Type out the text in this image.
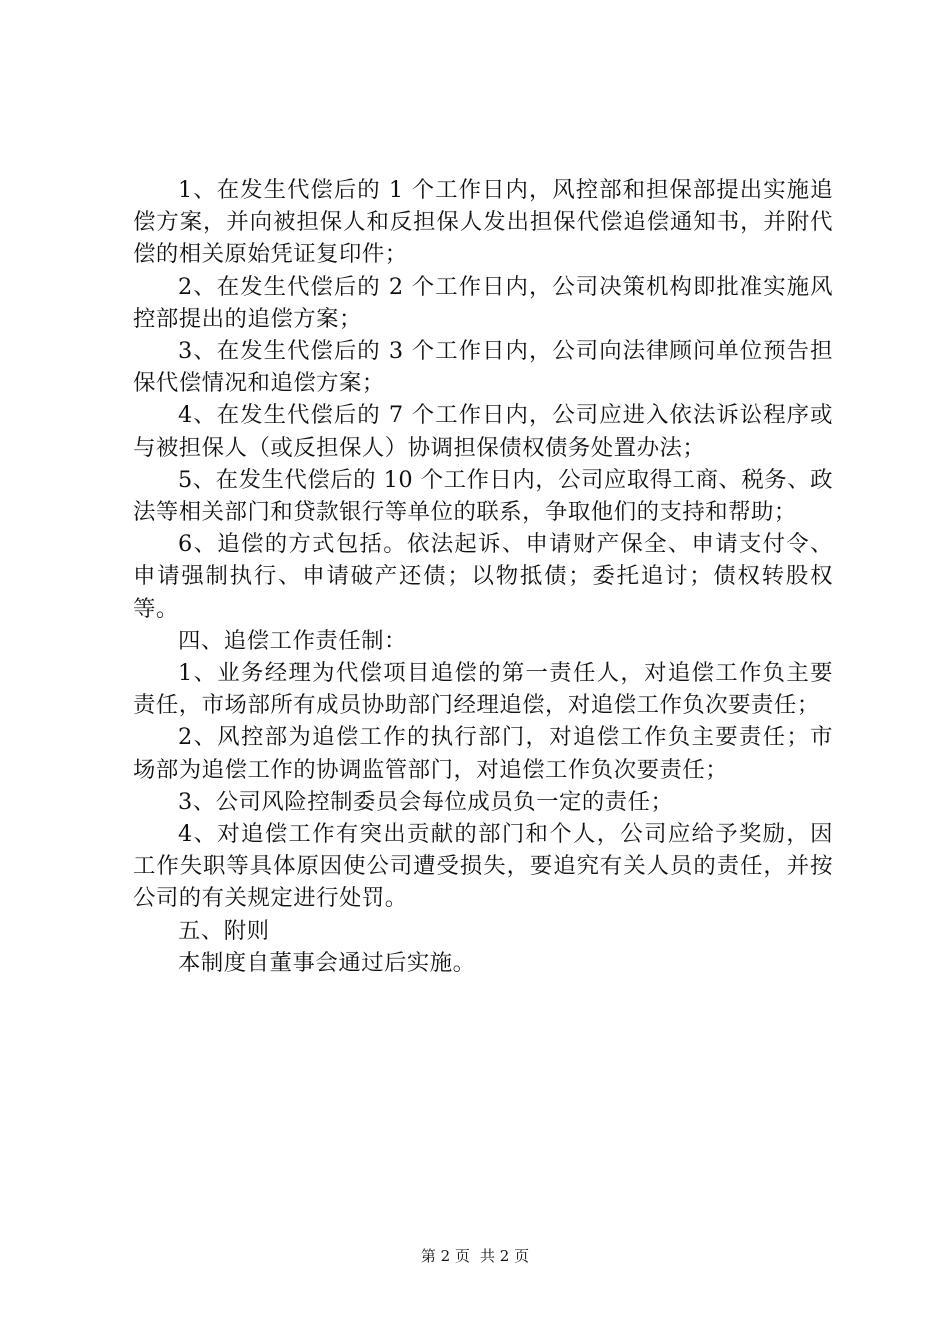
1、在发生代偿后的 1 个工作日内，风控部和担保部提出实施追偿方案，并向被担保人和反担保人发出担保代偿追偿通知书，并附代偿的相关原始凭证复印件；

2、在发生代偿后的 2 个工作日内，公司决策机构即批准实施风控部提出的追偿方案；

3、在发生代偿后的 3 个工作日内，公司向法律顾问单位预告担保代偿情况和追偿方案；

4、在发生代偿后的 7 个工作日内，公司应进入依法诉讼程序或与被担保人（或反担保人）协调担保债权债务处置办法；

5、在发生代偿后的 10 个工作日内，公司应取得工商、税务、政法等相关部门和贷款银行等单位的联系，争取他们的支持和帮助；

6、追偿的方式包括。依法起诉、申请财产保全、申请支付令、申请强制执行、申请破产还债；以物抵债；委托追讨；债权转股权等。

四、追偿工作责任制：

1、业务经理为代偿项目追偿的第一责任人，对追偿工作负主要责任，市场部所有成员协助部门经理追偿，对追偿工作负次要责任；

2、风控部为追偿工作的执行部门，对追偿工作负主要责任；市场部为追偿工作的协调监管部门，对追偿工作负次要责任；

3、公司风险控制委员会每位成员负一定的责任；

4、对追偿工作有突出贡献的部门和个人，公司应给予奖励，因工作失职等具体原因使公司遭受损失，要追究有关人员的责任，并按公司的有关规定进行处罚。

五、附则

本制度自董事会通过后实施。

第 2 页 共 2 页
